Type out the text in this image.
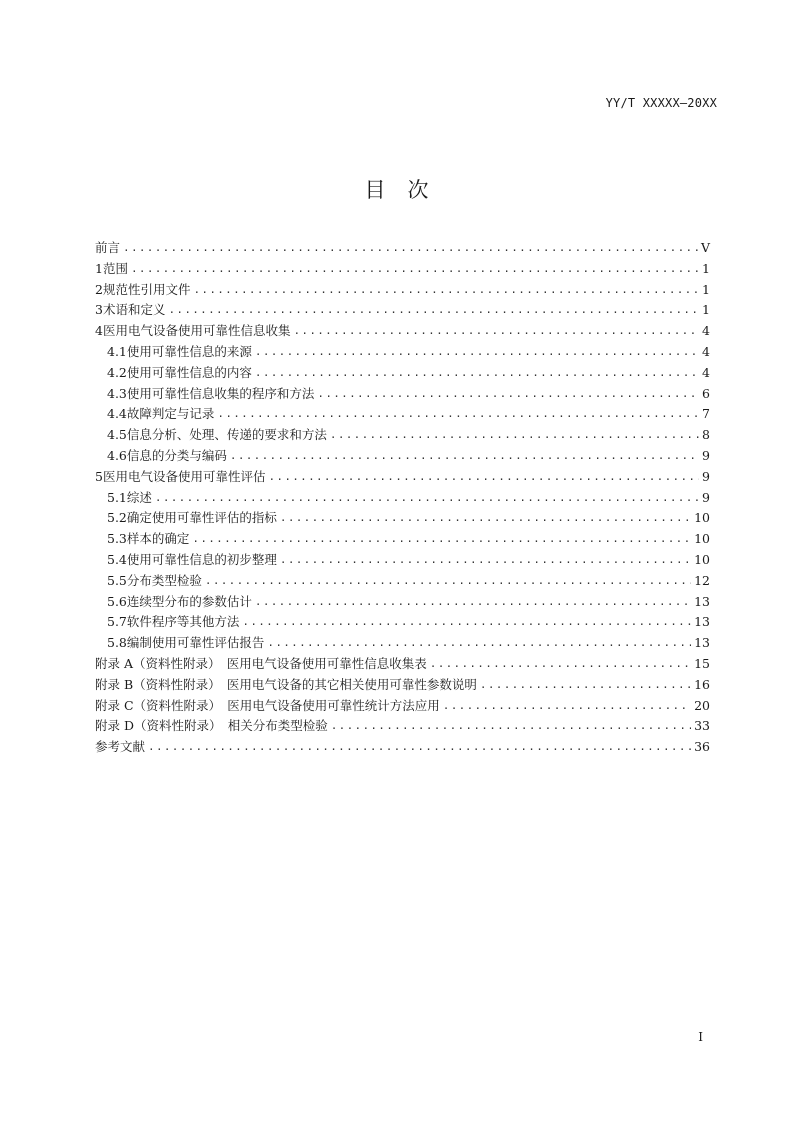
YY/T XXXXX—20XX
目次
前言 .....	V
1 范围 .....	1
2 规范性引用文件 .....	1
3 术语和定义 .....	1
4 医用电气设备使用可靠性信息收集 .....	4
4.1 使用可靠性信息的来源 .....	4
4.2 使用可靠性信息的内容 .....	4
4.3 使用可靠性信息收集的程序和方法 .....	6
4.4 故障判定与记录 .....	7
4.5 信息分析、处理、传递的要求和方法 .....	8
4.6 信息的分类与编码 .....	9
5 医用电气设备使用可靠性评估 .....	9
5.1 综述 .....	9
5.2 确定使用可靠性评估的指标 .....	10
5.3 样本的确定 .....	10
5.4 使用可靠性信息的初步整理 .....	10
5.5 分布类型检验 .....	12
5.6 连续型分布的参数估计 .....	13
5.7 软件程序等其他方法 .....	13
5.8 编制使用可靠性评估报告 .....	13
附录 A（资料性附录）　医用电气设备使用可靠性信息收集表 .....	15
附录 B（资料性附录）　医用电气设备的其它相关使用可靠性参数说明 .....	16
附录 C（资料性附录）　医用电气设备使用可靠性统计方法应用 .....	20
附录 D（资料性附录）　相关分布类型检验 .....	33
参考文献 .....	36
I
